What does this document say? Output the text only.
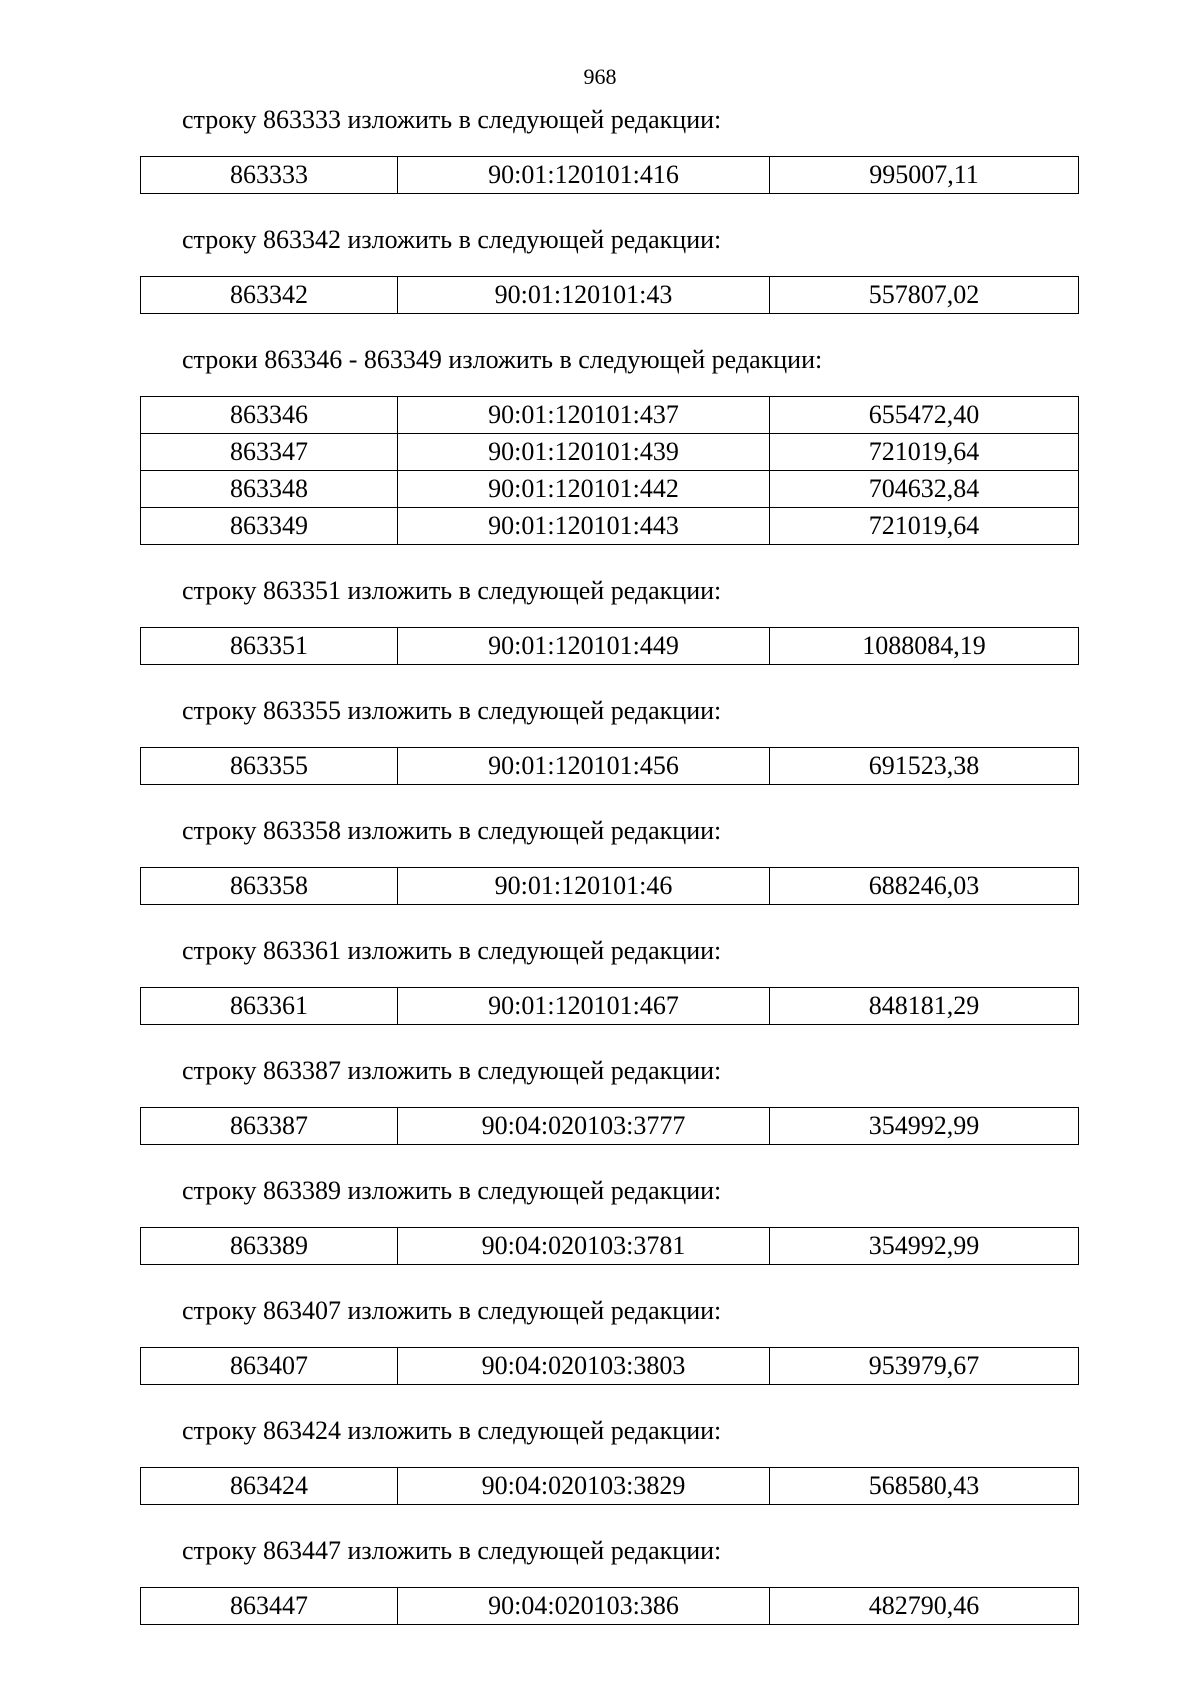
968

строку 863333 изложить в следующей редакции:

863333	90:01:120101:416	995007,11

строку 863342 изложить в следующей редакции:

863342	90:01:120101:43	557807,02

строки 863346 - 863349 изложить в следующей редакции:

863346	90:01:120101:437	655472,40
863347	90:01:120101:439	721019,64
863348	90:01:120101:442	704632,84
863349	90:01:120101:443	721019,64

строку 863351 изложить в следующей редакции:

863351	90:01:120101:449	1088084,19

строку 863355 изложить в следующей редакции:

863355	90:01:120101:456	691523,38

строку 863358 изложить в следующей редакции:

863358	90:01:120101:46	688246,03

строку 863361 изложить в следующей редакции:

863361	90:01:120101:467	848181,29

строку 863387 изложить в следующей редакции:

863387	90:04:020103:3777	354992,99

строку 863389 изложить в следующей редакции:

863389	90:04:020103:3781	354992,99

строку 863407 изложить в следующей редакции:

863407	90:04:020103:3803	953979,67

строку 863424 изложить в следующей редакции:

863424	90:04:020103:3829	568580,43

строку 863447 изложить в следующей редакции:

863447	90:04:020103:386	482790,46
